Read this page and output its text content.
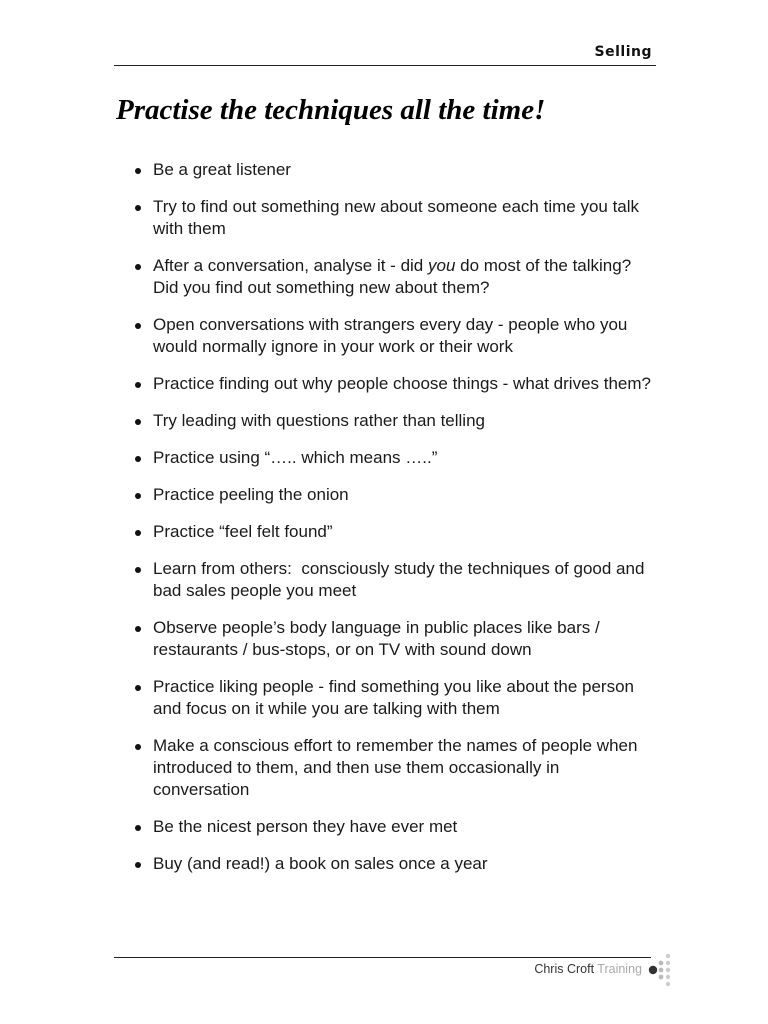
Selling
Practise the techniques all the time!
Be a great listener
Try to find out something new about someone each time you talk with them
After a conversation, analyse it - did you do most of the talking? Did you find out something new about them?
Open conversations with strangers every day - people who you would normally ignore in your work or their work
Practice finding out why people choose things - what drives them?
Try leading with questions rather than telling
Practice using “….. which means …..”
Practice peeling the onion
Practice “feel felt found”
Learn from others:  consciously study the techniques of good and bad sales people you meet
Observe people’s body language in public places like bars / restaurants / bus-stops, or on TV with sound down
Practice liking people - find something you like about the person and focus on it while you are talking with them
Make a conscious effort to remember the names of people when introduced to them, and then use them occasionally in conversation
Be the nicest person they have ever met
Buy (and read!) a book on sales once a year
Chris Croft Training
